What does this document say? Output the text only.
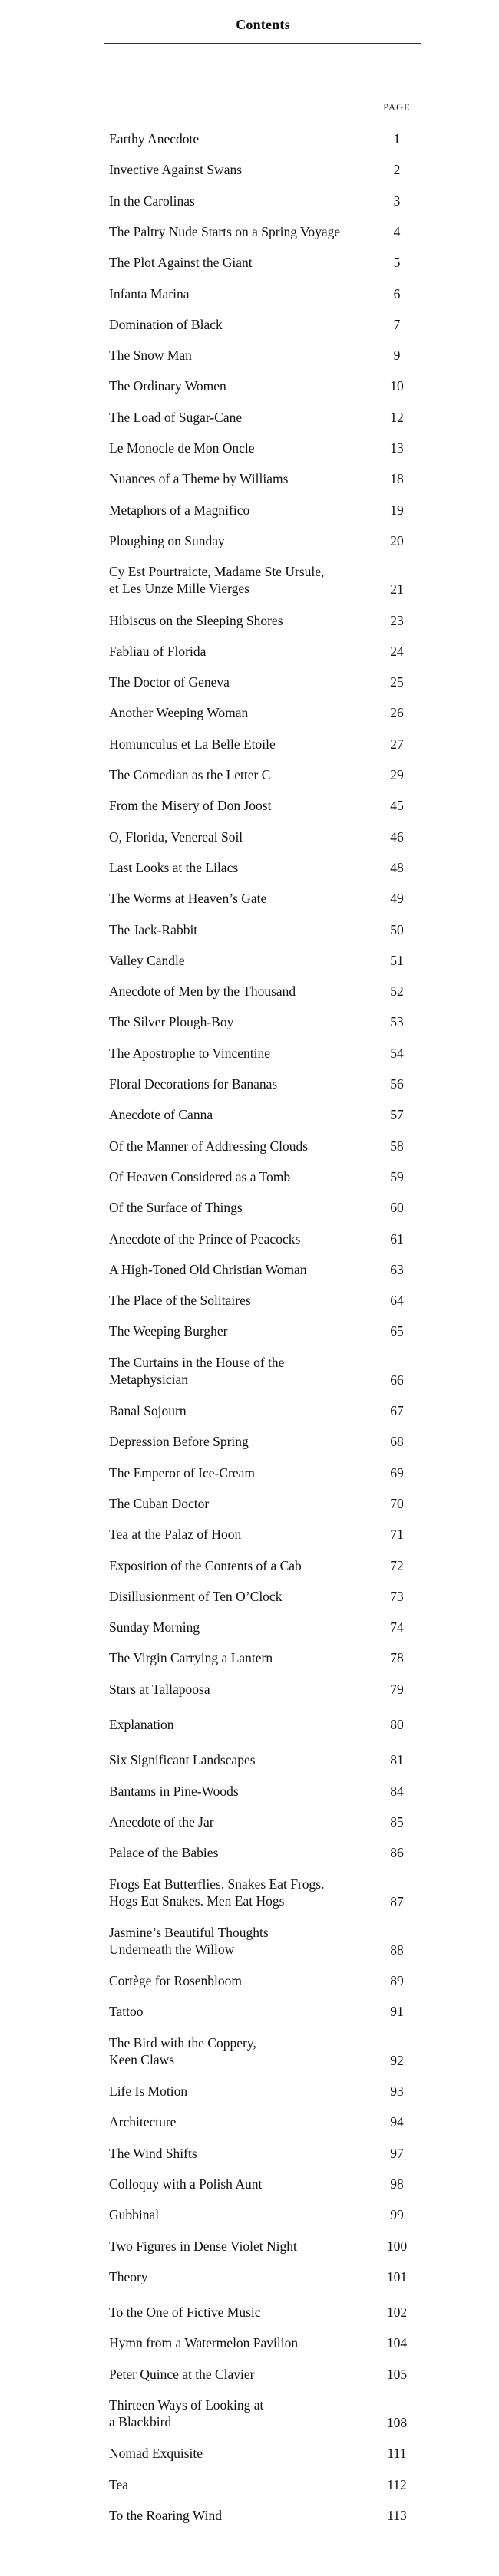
Contents
PAGE
Earthy Anecdote	1
Invective Against Swans	2
In the Carolinas	3
The Paltry Nude Starts on a Spring Voyage	4
The Plot Against the Giant	5
Infanta Marina	6
Domination of Black	7
The Snow Man	9
The Ordinary Women	10
The Load of Sugar-Cane	12
Le Monocle de Mon Oncle	13
Nuances of a Theme by Williams	18
Metaphors of a Magnifico	19
Ploughing on Sunday	20
Cy Est Pourtraicte, Madame Ste Ursule,
et Les Unze Mille Vierges	21
Hibiscus on the Sleeping Shores	23
Fabliau of Florida	24
The Doctor of Geneva	25
Another Weeping Woman	26
Homunculus et La Belle Etoile	27
The Comedian as the Letter C	29
From the Misery of Don Joost	45
O, Florida, Venereal Soil	46
Last Looks at the Lilacs	48
The Worms at Heaven’s Gate	49
The Jack-Rabbit	50
Valley Candle	51
Anecdote of Men by the Thousand	52
The Silver Plough-Boy	53
The Apostrophe to Vincentine	54
Floral Decorations for Bananas	56
Anecdote of Canna	57
Of the Manner of Addressing Clouds	58
Of Heaven Considered as a Tomb	59
Of the Surface of Things	60
Anecdote of the Prince of Peacocks	61
A High-Toned Old Christian Woman	63
The Place of the Solitaires	64
The Weeping Burgher	65
The Curtains in the House of the
Metaphysician	66
Banal Sojourn	67
Depression Before Spring	68
The Emperor of Ice-Cream	69
The Cuban Doctor	70
Tea at the Palaz of Hoon	71
Exposition of the Contents of a Cab	72
Disillusionment of Ten O’Clock	73
Sunday Morning	74
The Virgin Carrying a Lantern	78
Stars at Tallapoosa	79
Explanation	80
Six Significant Landscapes	81
Bantams in Pine-Woods	84
Anecdote of the Jar	85
Palace of the Babies	86
Frogs Eat Butterflies. Snakes Eat Frogs.
Hogs Eat Snakes. Men Eat Hogs	87
Jasmine’s Beautiful Thoughts
Underneath the Willow	88
Cortège for Rosenbloom	89
Tattoo	91
The Bird with the Coppery,
Keen Claws	92
Life Is Motion	93
Architecture	94
The Wind Shifts	97
Colloquy with a Polish Aunt	98
Gubbinal	99
Two Figures in Dense Violet Night	100
Theory	101
To the One of Fictive Music	102
Hymn from a Watermelon Pavilion	104
Peter Quince at the Clavier	105
Thirteen Ways of Looking at
a Blackbird	108
Nomad Exquisite	111
Tea	112
To the Roaring Wind	113
